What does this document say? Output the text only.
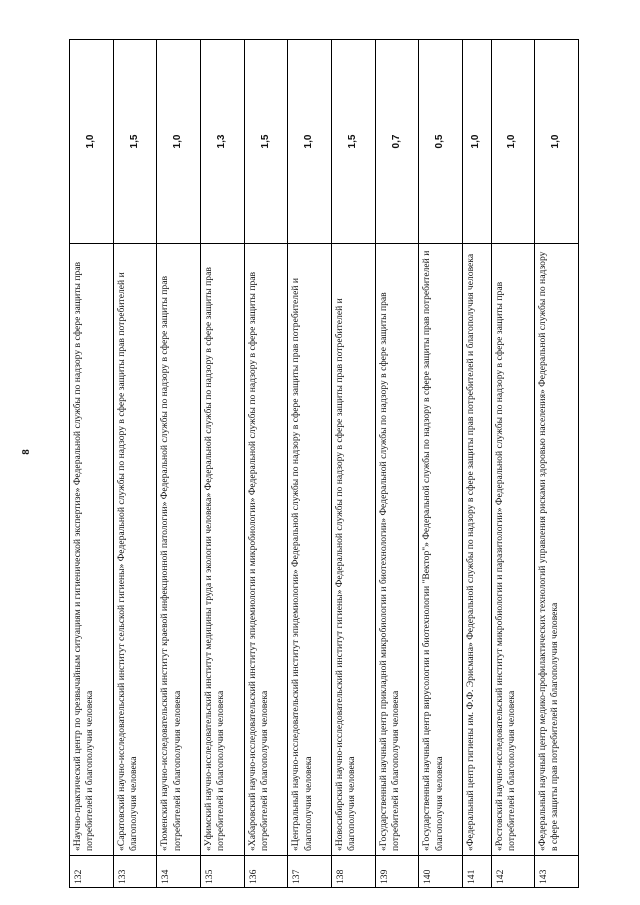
8
132	«Научно-практический центр по чрезвычайным ситуациям и гигиенической экспертизе» Федеральной службы по надзору в сфере защиты прав потребителей и благополучия человека	1,0
133	«Саратовский научно-исследовательский институт сельской гигиены» Федеральной службы по надзору в сфере защиты прав потребителей и благополучия человека	1,5
134	«Тюменский научно-исследовательский институт краевой инфекционной патологии» Федеральной службы по надзору в сфере защиты прав потребителей и благополучия человека	1,0
135	«Уфимский научно-исследовательский институт медицины труда и экологии человека» Федеральной службы по надзору в сфере защиты прав потребителей и благополучия человека	1,3
136	«Хабаровский научно-исследовательский институт эпидемиологии и микробиологии» Федеральной службы по надзору в сфере защиты прав потребителей и благополучия человека	1,5
137	«Центральный научно-исследовательский институт эпидемиологии» Федеральной службы по надзору в сфере защиты прав потребителей и благополучия человека	1,0
138	«Новосибирский научно-исследовательский институт гигиены» Федеральной службы по надзору в сфере защиты прав потребителей и благополучия человека	1,5
139	«Государственный научный центр прикладной микробиологии и биотехнологии» Федеральной службы по надзору в сфере защиты прав потребителей и благополучия человека	0,7
140	«Государственный научный центр вирусологии и биотехнологии "Вектор"» Федеральной службы по надзору в сфере защиты прав потребителей и благополучия человека	0,5
141	«Федеральный центр гигиены им. Ф.Ф. Эрисмана» Федеральной службы по надзору в сфере защиты прав потребителей и благополучия человека	1,0
142	«Ростовский научно-исследовательский институт микробиологии и паразитологии» Федеральной службы по надзору в сфере защиты прав потребителей и благополучия человека	1,0
143	«Федеральный научный центр медико-профилактических технологий управления рисками здоровью населения» Федеральной службы по надзору в сфере защиты прав потребителей и благополучия человека	1,0
